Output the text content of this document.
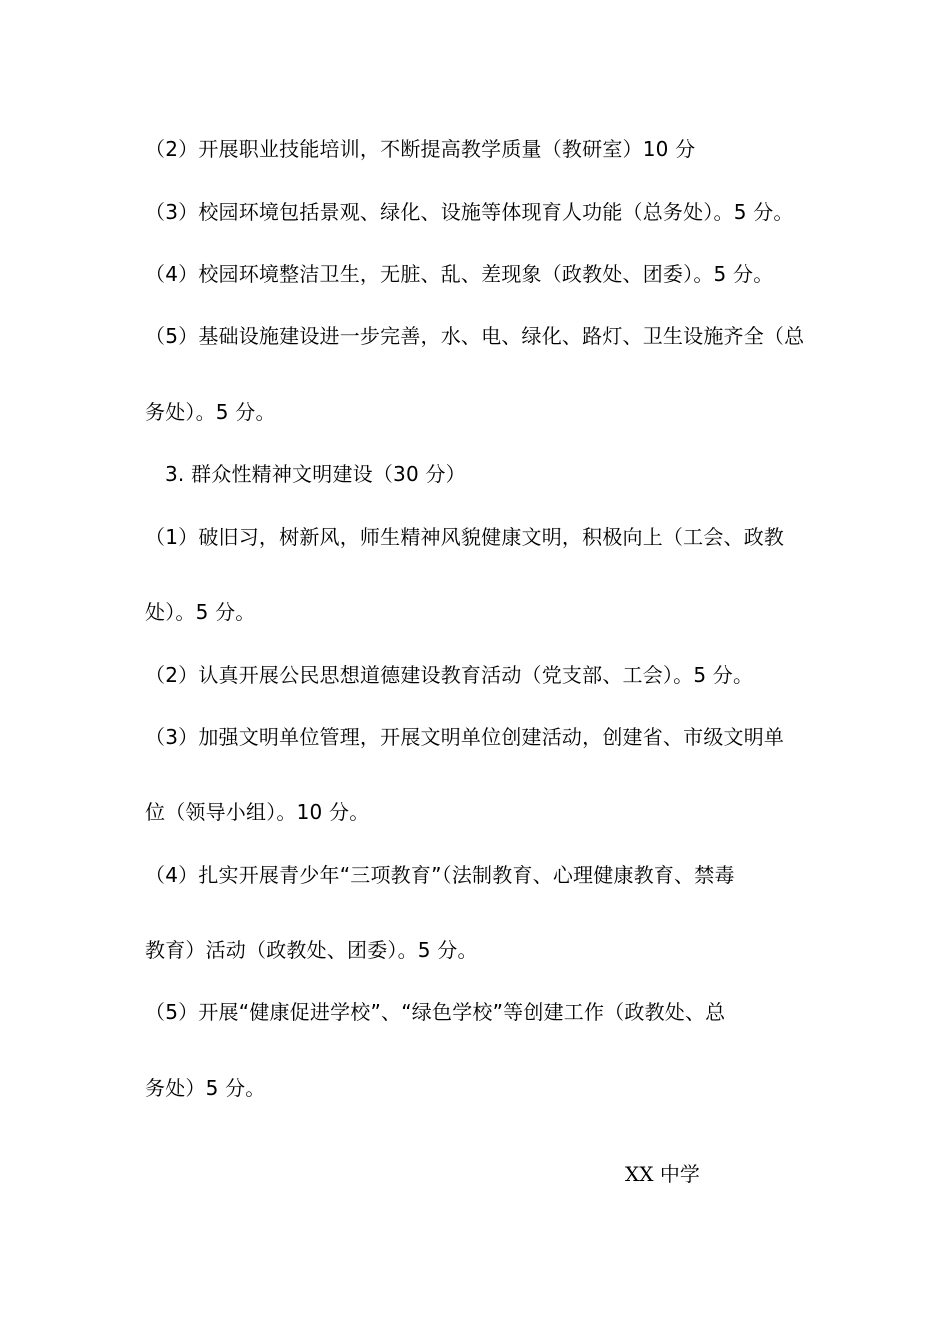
（2）开展职业技能培训，不断提高教学质量（教研室）10 分
（3）校园环境包括景观、绿化、设施等体现育人功能（总务处）。5 分。
（4）校园环境整洁卫生，无脏、乱、差现象（政教处、团委）。5 分。
（5）基础设施建设进一步完善，水、电、绿化、路灯、卫生设施齐全（总
务处）。5 分。
3. 群众性精神文明建设（30 分）
（1）破旧习，树新风，师生精神风貌健康文明，积极向上（工会、政教
处）。5 分。
（2）认真开展公民思想道德建设教育活动（党支部、工会）。5 分。
（3）加强文明单位管理，开展文明单位创建活动，创建省、市级文明单
位（领导小组）。10 分。
（4）扎实开展青少年“三项教育”（法制教育、心理健康教育、禁毒
教育）活动（政教处、团委）。5 分。
（5）开展“健康促进学校”、“绿色学校”等创建工作（政教处、总
务处）5 分。
XX 中学
